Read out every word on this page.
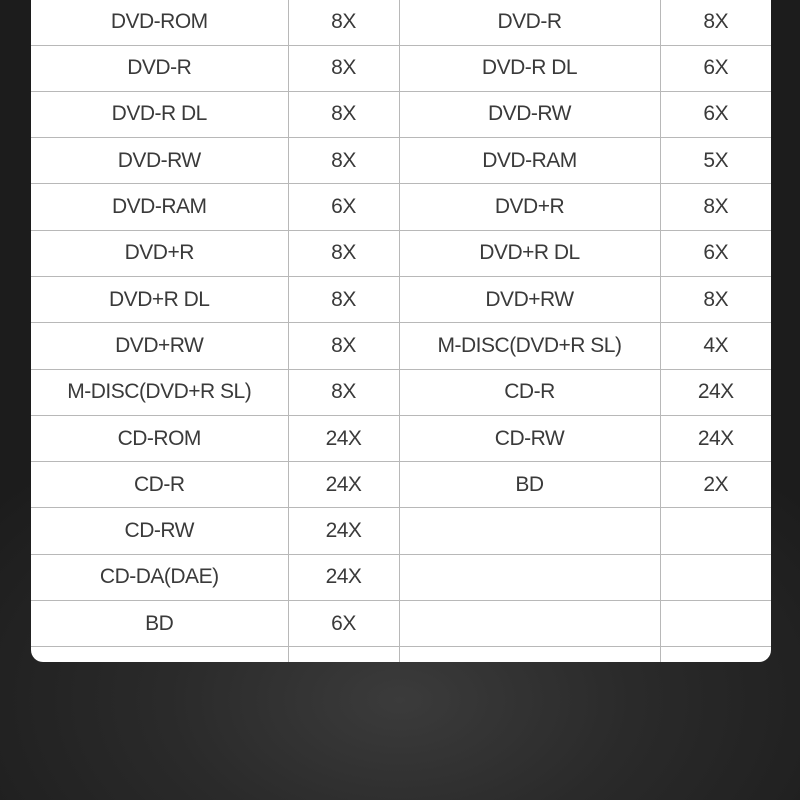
DVD-ROM	8X	DVD-R	8X
DVD-R	8X	DVD-R DL	6X
DVD-R DL	8X	DVD-RW	6X
DVD-RW	8X	DVD-RAM	5X
DVD-RAM	6X	DVD+R	8X
DVD+R	8X	DVD+R DL	6X
DVD+R DL	8X	DVD+RW	8X
DVD+RW	8X	M-DISC(DVD+R SL)	4X
M-DISC(DVD+R SL)	8X	CD-R	24X
CD-ROM	24X	CD-RW	24X
CD-R	24X	BD	2X
CD-RW	24X		
CD-DA(DAE)	24X		
BD	6X		
